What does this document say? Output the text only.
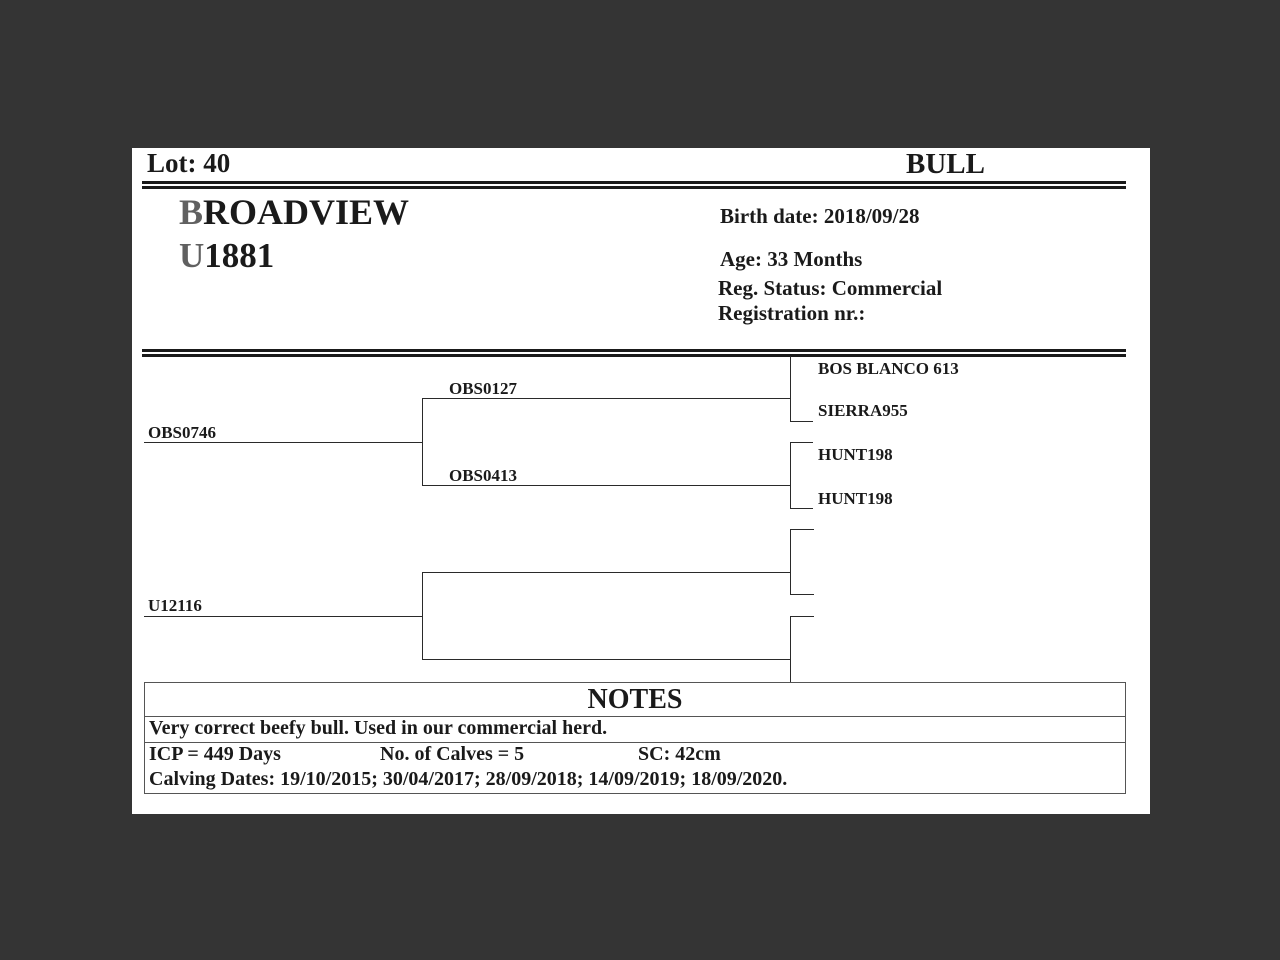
Lot: 40	BULL
BROADVIEW
U1881
Birth date: 2018/09/28
Age: 33 Months
Reg. Status: Commercial
Registration nr.:
OBS0746
OBS0127
OBS0413
BOS BLANCO 613
SIERRA955
HUNT198
HUNT198
U12116
NOTES
Very correct beefy bull. Used in our commercial herd.
ICP = 449 Days	No. of Calves = 5	SC: 42cm
Calving Dates: 19/10/2015; 30/04/2017; 28/09/2018; 14/09/2019; 18/09/2020.
